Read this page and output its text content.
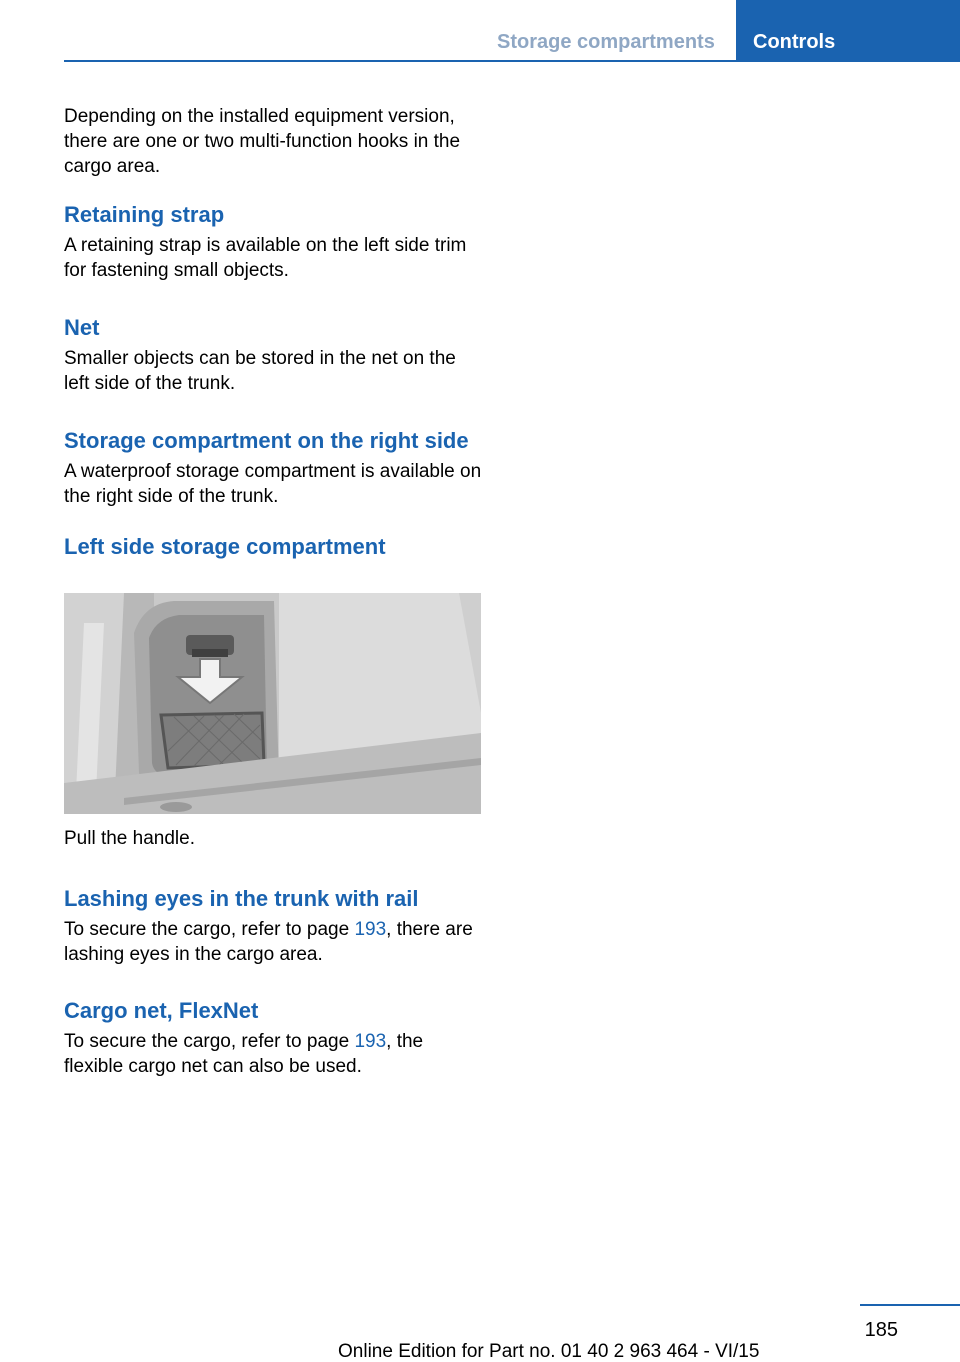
Storage compartments	Controls

Depending on the installed equipment version, there are one or two multi-function hooks in the cargo area.

Retaining strap

A retaining strap is available on the left side trim for fastening small objects.

Net

Smaller objects can be stored in the net on the left side of the trunk.

Storage compartment on the right side

A waterproof storage compartment is available on the right side of the trunk.

Left side storage compartment

Pull the handle.

Lashing eyes in the trunk with rail

To secure the cargo, refer to page 193, there are lashing eyes in the cargo area.

Cargo net, FlexNet

To secure the cargo, refer to page 193, the flexible cargo net can also be used.

185
Online Edition for Part no. 01 40 2 963 464 - VI/15
